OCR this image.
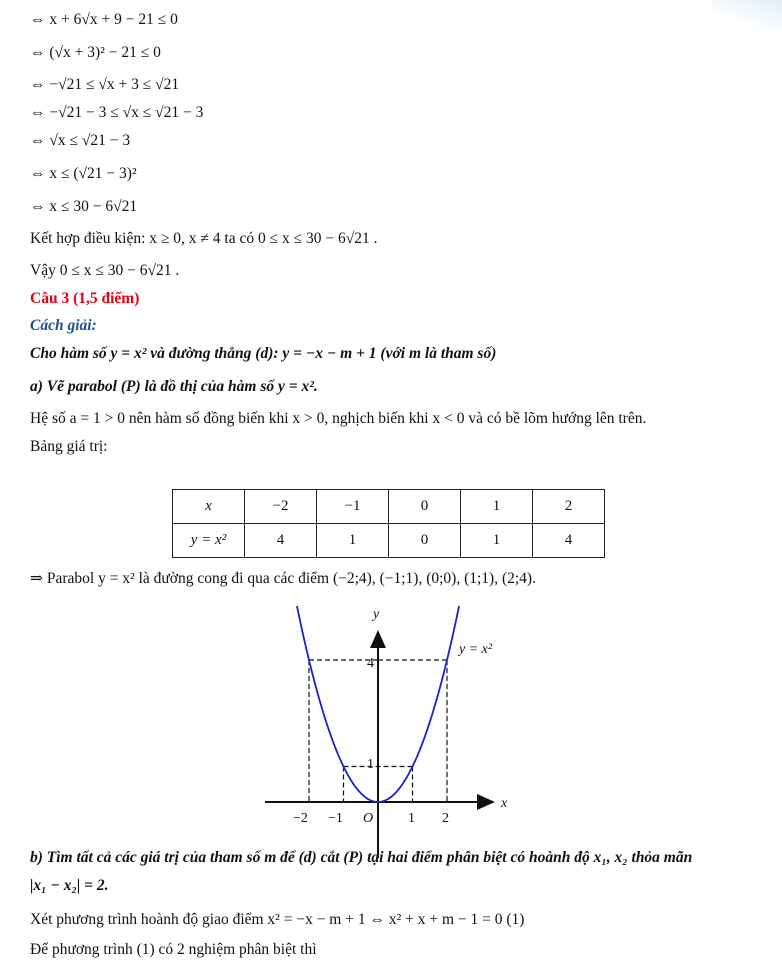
⇔ x + 6√x + 9 − 21 ≤ 0
⇔ (√x + 3)² − 21 ≤ 0
⇔ −√21 ≤ √x + 3 ≤ √21
⇔ −√21 − 3 ≤ √x ≤ √21 − 3
⇔ √x ≤ √21 − 3
⇔ x ≤ (√21 − 3)²
⇔ x ≤ 30 − 6√21
Kết hợp điều kiện: x ≥ 0, x ≠ 4 ta có 0 ≤ x ≤ 30 − 6√21 .
Vậy 0 ≤ x ≤ 30 − 6√21 .
Câu 3 (1,5 điểm)
Cách giải:
Cho hàm số y = x² và đường thẳng (d): y = −x − m + 1 (với m là tham số)
a) Vẽ parabol (P) là đồ thị của hàm số y = x².
Hệ số a = 1 > 0 nên hàm số đồng biến khi x > 0, nghịch biến khi x < 0 và có bề lõm hướng lên trên.
Bảng giá trị:
x	−2	−1	0	1	2
y = x²	4	1	0	1	4
⇒ Parabol y = x² là đường cong đi qua các điểm (−2;4), (−1;1), (0;0), (1;1), (2;4).
y
x
y = x²
O
−2 −1	1 2
4
1
b) Tìm tất cả các giá trị của tham số m để (d) cắt (P) tại hai điểm phân biệt có hoành độ x₁, x₂ thỏa mãn
|x₁ − x₂| = 2.
Xét phương trình hoành độ giao điểm x² = −x − m + 1 ⇔ x² + x + m − 1 = 0 (1)
Để phương trình (1) có 2 nghiệm phân biệt thì
